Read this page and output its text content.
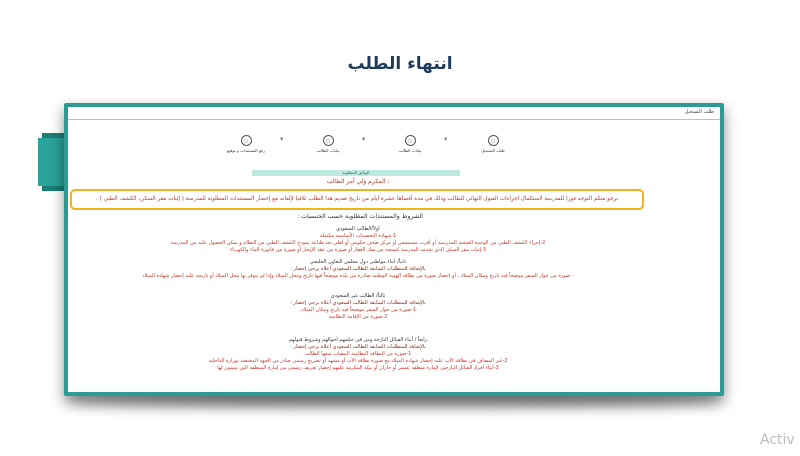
انتهاء الطلب
طلب التسجيل
▢
طلب التسجيل
‹
▢
بيانات الطالب
‹
▢
بيانات الطالب
‹
▢
رفع المستندات و توقيع
الوثائق المطلوبة
المكرم ولي أمر الطالب :
نرجو منكم التوجه فورا للمدرسة لاستكمال اجراءات القبول النهائي للطالب وذلك في مدة أقصاها عشرة أيام من تاريخ تقديم هذا الطلب تلافيا لإلغائه مع إحضار المستندات المطلوبة للمدرسة ( إثبات مقر السكن، الكشف الطبي ) .
الشروط والمستندات المطلوبة حسب الجنسيات :
أولاً/الطالب السعودي
1-شهادة التحصينات الأساسية مكتملة
2-إجراء الكشف الطبي من الوحدة الصحية المدرسية أو أقرب مستشفى أو مركز صحي حكومي أو أهلي بعد طباعة نموذج الكشف الطبي من النظام و يمكن الحصول عليه من المدرسة
3-إثبات مقر السكن الذي تخدمه المدرسة كنسخة من صك العقار أو صورة من عقد الإيجار أو صورة من فاتورة الماء والكهرباء
ثانياً/ أبناء مواطني دول مجلس التعاون الخليجي
بالإضافة للمتطلبات السابقة للطالب السعودي أعلاه يرجى إحضار :
- صورة من جواز السفر موضحاً فيه تاريخ ومكان الميلاد ، أو إحضار صورة من بطاقة الهوية الوطنية صادرة من بلده موضحاً فيها تاريخ ومحل الميلاد وإذا لم يتوفر بها محل الميلاد أو تاريخه عليه إحضار شهادة الميلاد
ثالثاً/ الطالب غير السعودي
بالإضافة للمتطلبات السابقة للطالب السعودي أعلاه يرجى إحضار :
1-صورة من جواز السفر موضحاً فيه تاريخ ومكان الميلاد.
2-صورة من الإقامة النظامية
رابعاً / أبناء القبائل النازحة ومن في حكمهم أحوالهم وشروط قبولهم
بالإضافة للمتطلبات السابقة للطالب السعودي أعلاه يرجى إحضار :
1-صورة من البطاقة النظامية المصاب مبعها الطالب
2-غير المضاف في بطاقة الأب عليه إحضار شهادة الميلاد مع صورة بطاقة الأب أو مشهد أو تصريح رسمي صادر من الجهة المختصة بوزارة الداخلية
3-أبناء أفراد القبائل النازحين لإمارة منطقة عسير أو جازان أو مكة المكرمة عليهم إحضار تعريف رسمي من إمارة المنطقة التي ينتمون لها
Activ
